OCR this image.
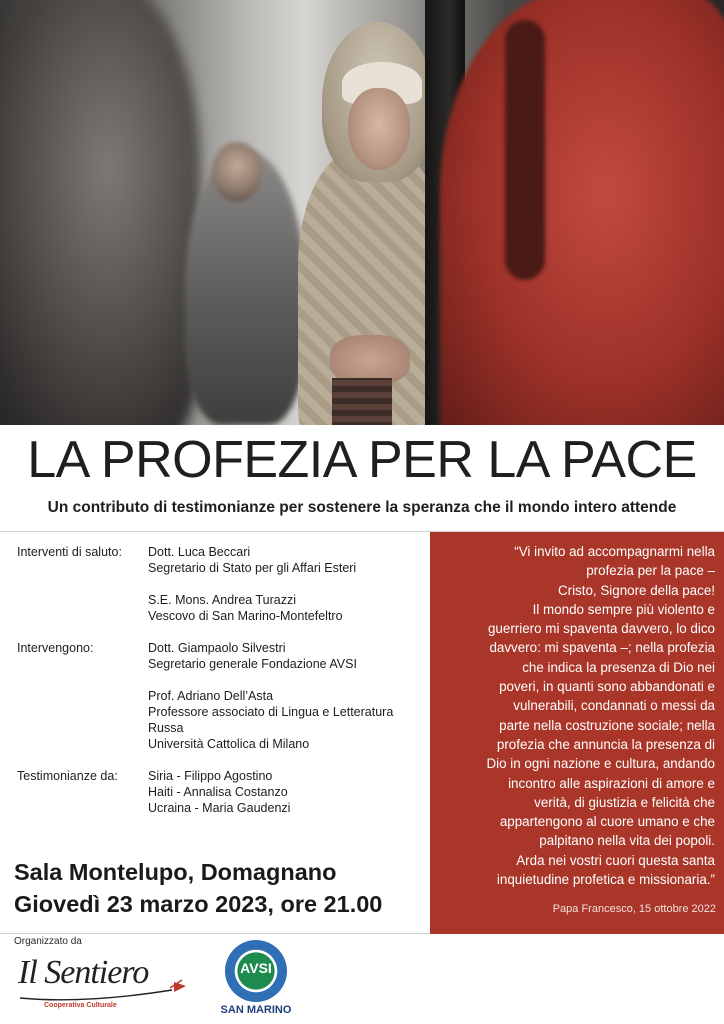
LA PROFEZIA PER LA PACE
Un contributo di testimonianze per sostenere la speranza che il mondo intero attende
Interventi di saluto:	Dott. Luca Beccari
Segretario di Stato per gli Affari Esteri
S.E. Mons. Andrea Turazzi
Vescovo di San Marino-Montefeltro
Intervengono:	Dott. Giampaolo Silvestri
Segretario generale Fondazione AVSI
Prof. Adriano Dell’Asta
Professore associato di Lingua e Letteratura Russa
Università Cattolica di Milano
Testimonianze da:	Siria - Filippo Agostino
Haiti - Annalisa Costanzo
Ucraina - Maria Gaudenzi
Sala Montelupo, Domagnano
Giovedì 23 marzo 2023, ore 21.00
“Vi invito ad accompagnarmi nella
profezia per la pace –
Cristo, Signore della pace!
Il mondo sempre più violento e
guerriero mi spaventa davvero, lo dico
davvero: mi spaventa –; nella profezia
che indica la presenza di Dio nei
poveri, in quanti sono abbandonati e
vulnerabili, condannati o messi da
parte nella costruzione sociale; nella
profezia che annuncia la presenza di
Dio in ogni nazione e cultura, andando
incontro alle aspirazioni di amore e
verità, di giustizia e felicità che
appartengono al cuore umano e che
palpitano nella vita dei popoli.
Arda nei vostri cuori questa santa
inquietudine profetica e missionaria.”
Papa Francesco, 15 ottobre 2022
Organizzato da
Il Sentiero
Cooperativa Culturale
AVSI
SAN MARINO
